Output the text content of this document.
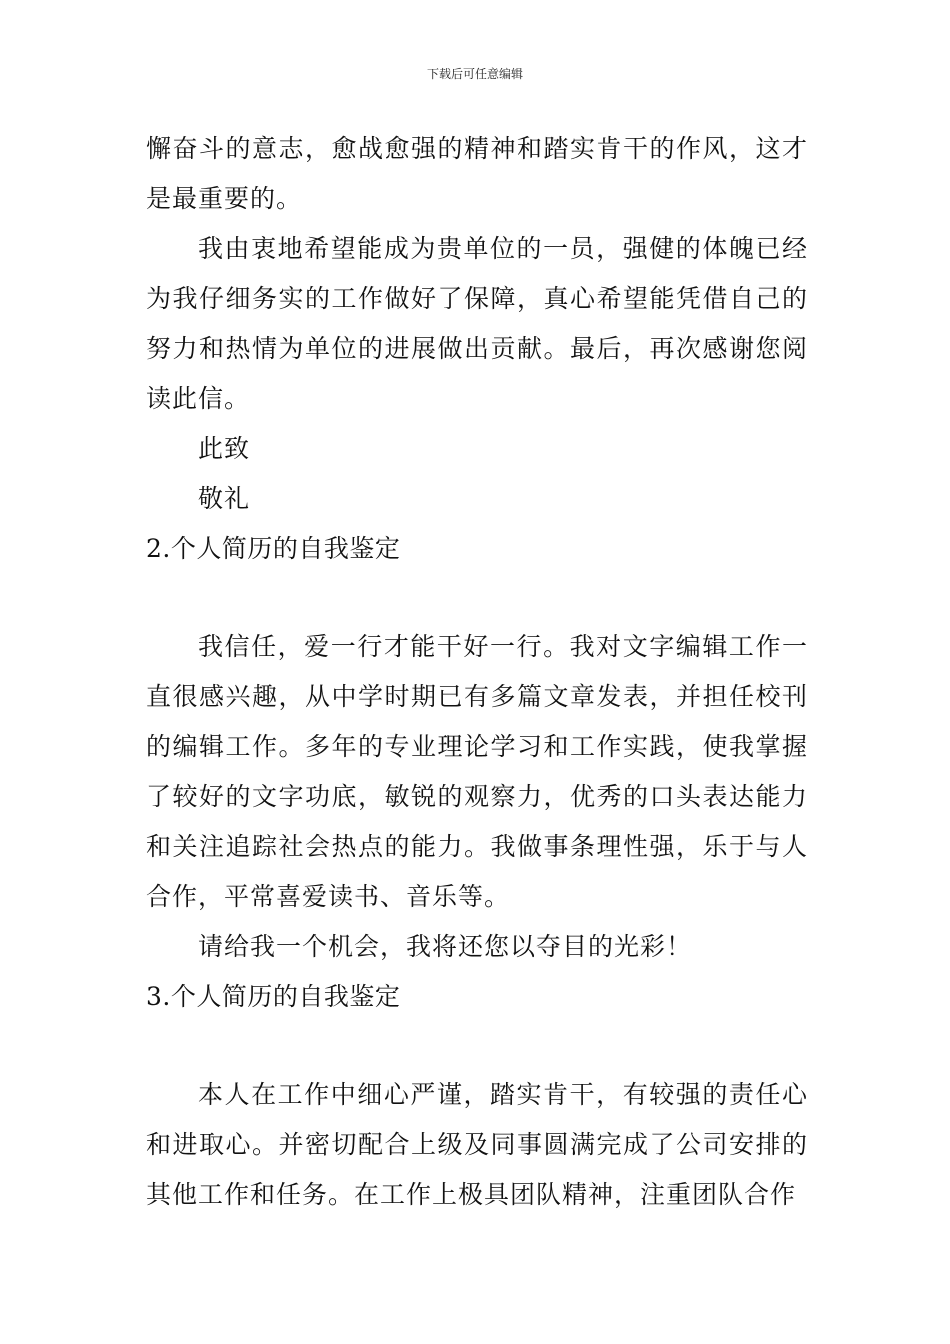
下载后可任意编辑

懈奋斗的意志，愈战愈强的精神和踏实肯干的作风，这才是最重要的。

我由衷地希望能成为贵单位的一员，强健的体魄已经为我仔细务实的工作做好了保障，真心希望能凭借自己的努力和热情为单位的进展做出贡献。最后，再次感谢您阅读此信。

此致

敬礼

2.个人简历的自我鉴定

我信任，爱一行才能干好一行。我对文字编辑工作一直很感兴趣，从中学时期已有多篇文章发表，并担任校刊的编辑工作。多年的专业理论学习和工作实践，使我掌握了较好的文字功底，敏锐的观察力，优秀的口头表达能力和关注追踪社会热点的能力。我做事条理性强，乐于与人合作，平常喜爱读书、音乐等。

请给我一个机会，我将还您以夺目的光彩！

3.个人简历的自我鉴定

本人在工作中细心严谨，踏实肯干，有较强的责任心和进取心。并密切配合上级及同事圆满完成了公司安排的其他工作和任务。在工作上极具团队精神，注重团队合作
